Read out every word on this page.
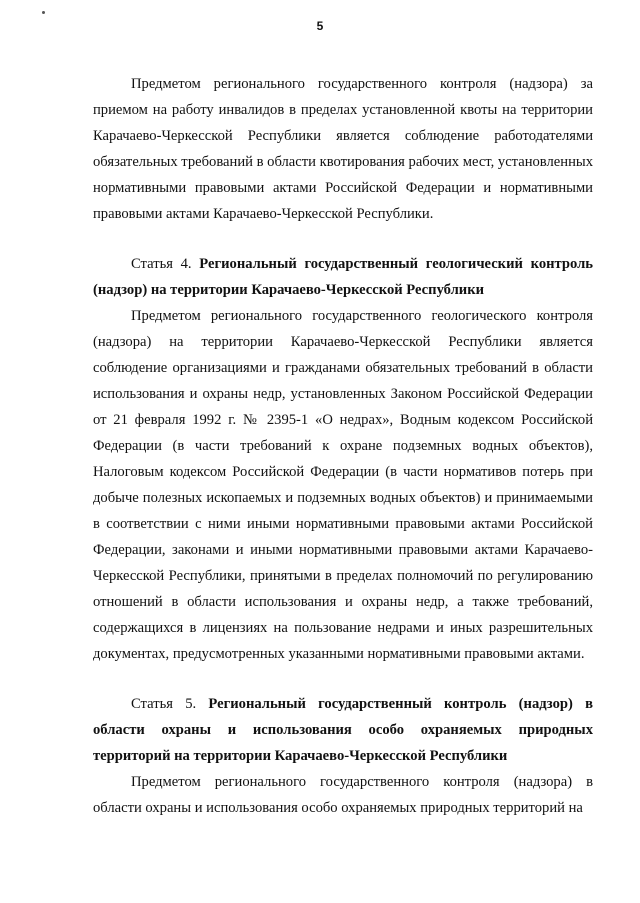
5

Предметом регионального государственного контроля (надзора) за приемом на работу инвалидов в пределах установленной квоты на территории Карачаево-Черкесской Республики является соблюдение работодателями обязательных требований в области квотирования рабочих мест, установленных нормативными правовыми актами Российской Федерации и нормативными правовыми актами Карачаево-Черкесской Республики.

Статья 4. Региональный государственный геологический контроль (надзор) на территории Карачаево-Черкесской Республики

Предметом регионального государственного геологического контроля (надзора) на территории Карачаево-Черкесской Республики является соблюдение организациями и гражданами обязательных требований в области использования и охраны недр, установленных Законом Российской Федерации от 21 февраля 1992 г. № 2395-1 «О недрах», Водным кодексом Российской Федерации (в части требований к охране подземных водных объектов), Налоговым кодексом Российской Федерации (в части нормативов потерь при добыче полезных ископаемых и подземных водных объектов) и принимаемыми в соответствии с ними иными нормативными правовыми актами Российской Федерации, законами и иными нормативными правовыми актами Карачаево-Черкесской Республики, принятыми в пределах полномочий по регулированию отношений в области использования и охраны недр, а также требований, содержащихся в лицензиях на пользование недрами и иных разрешительных документах, предусмотренных указанными нормативными правовыми актами.

Статья 5. Региональный государственный контроль (надзор) в области охраны и использования особо охраняемых природных территорий на территории Карачаево-Черкесской Республики

Предметом регионального государственного контроля (надзора) в области охраны и использования особо охраняемых природных территорий на
